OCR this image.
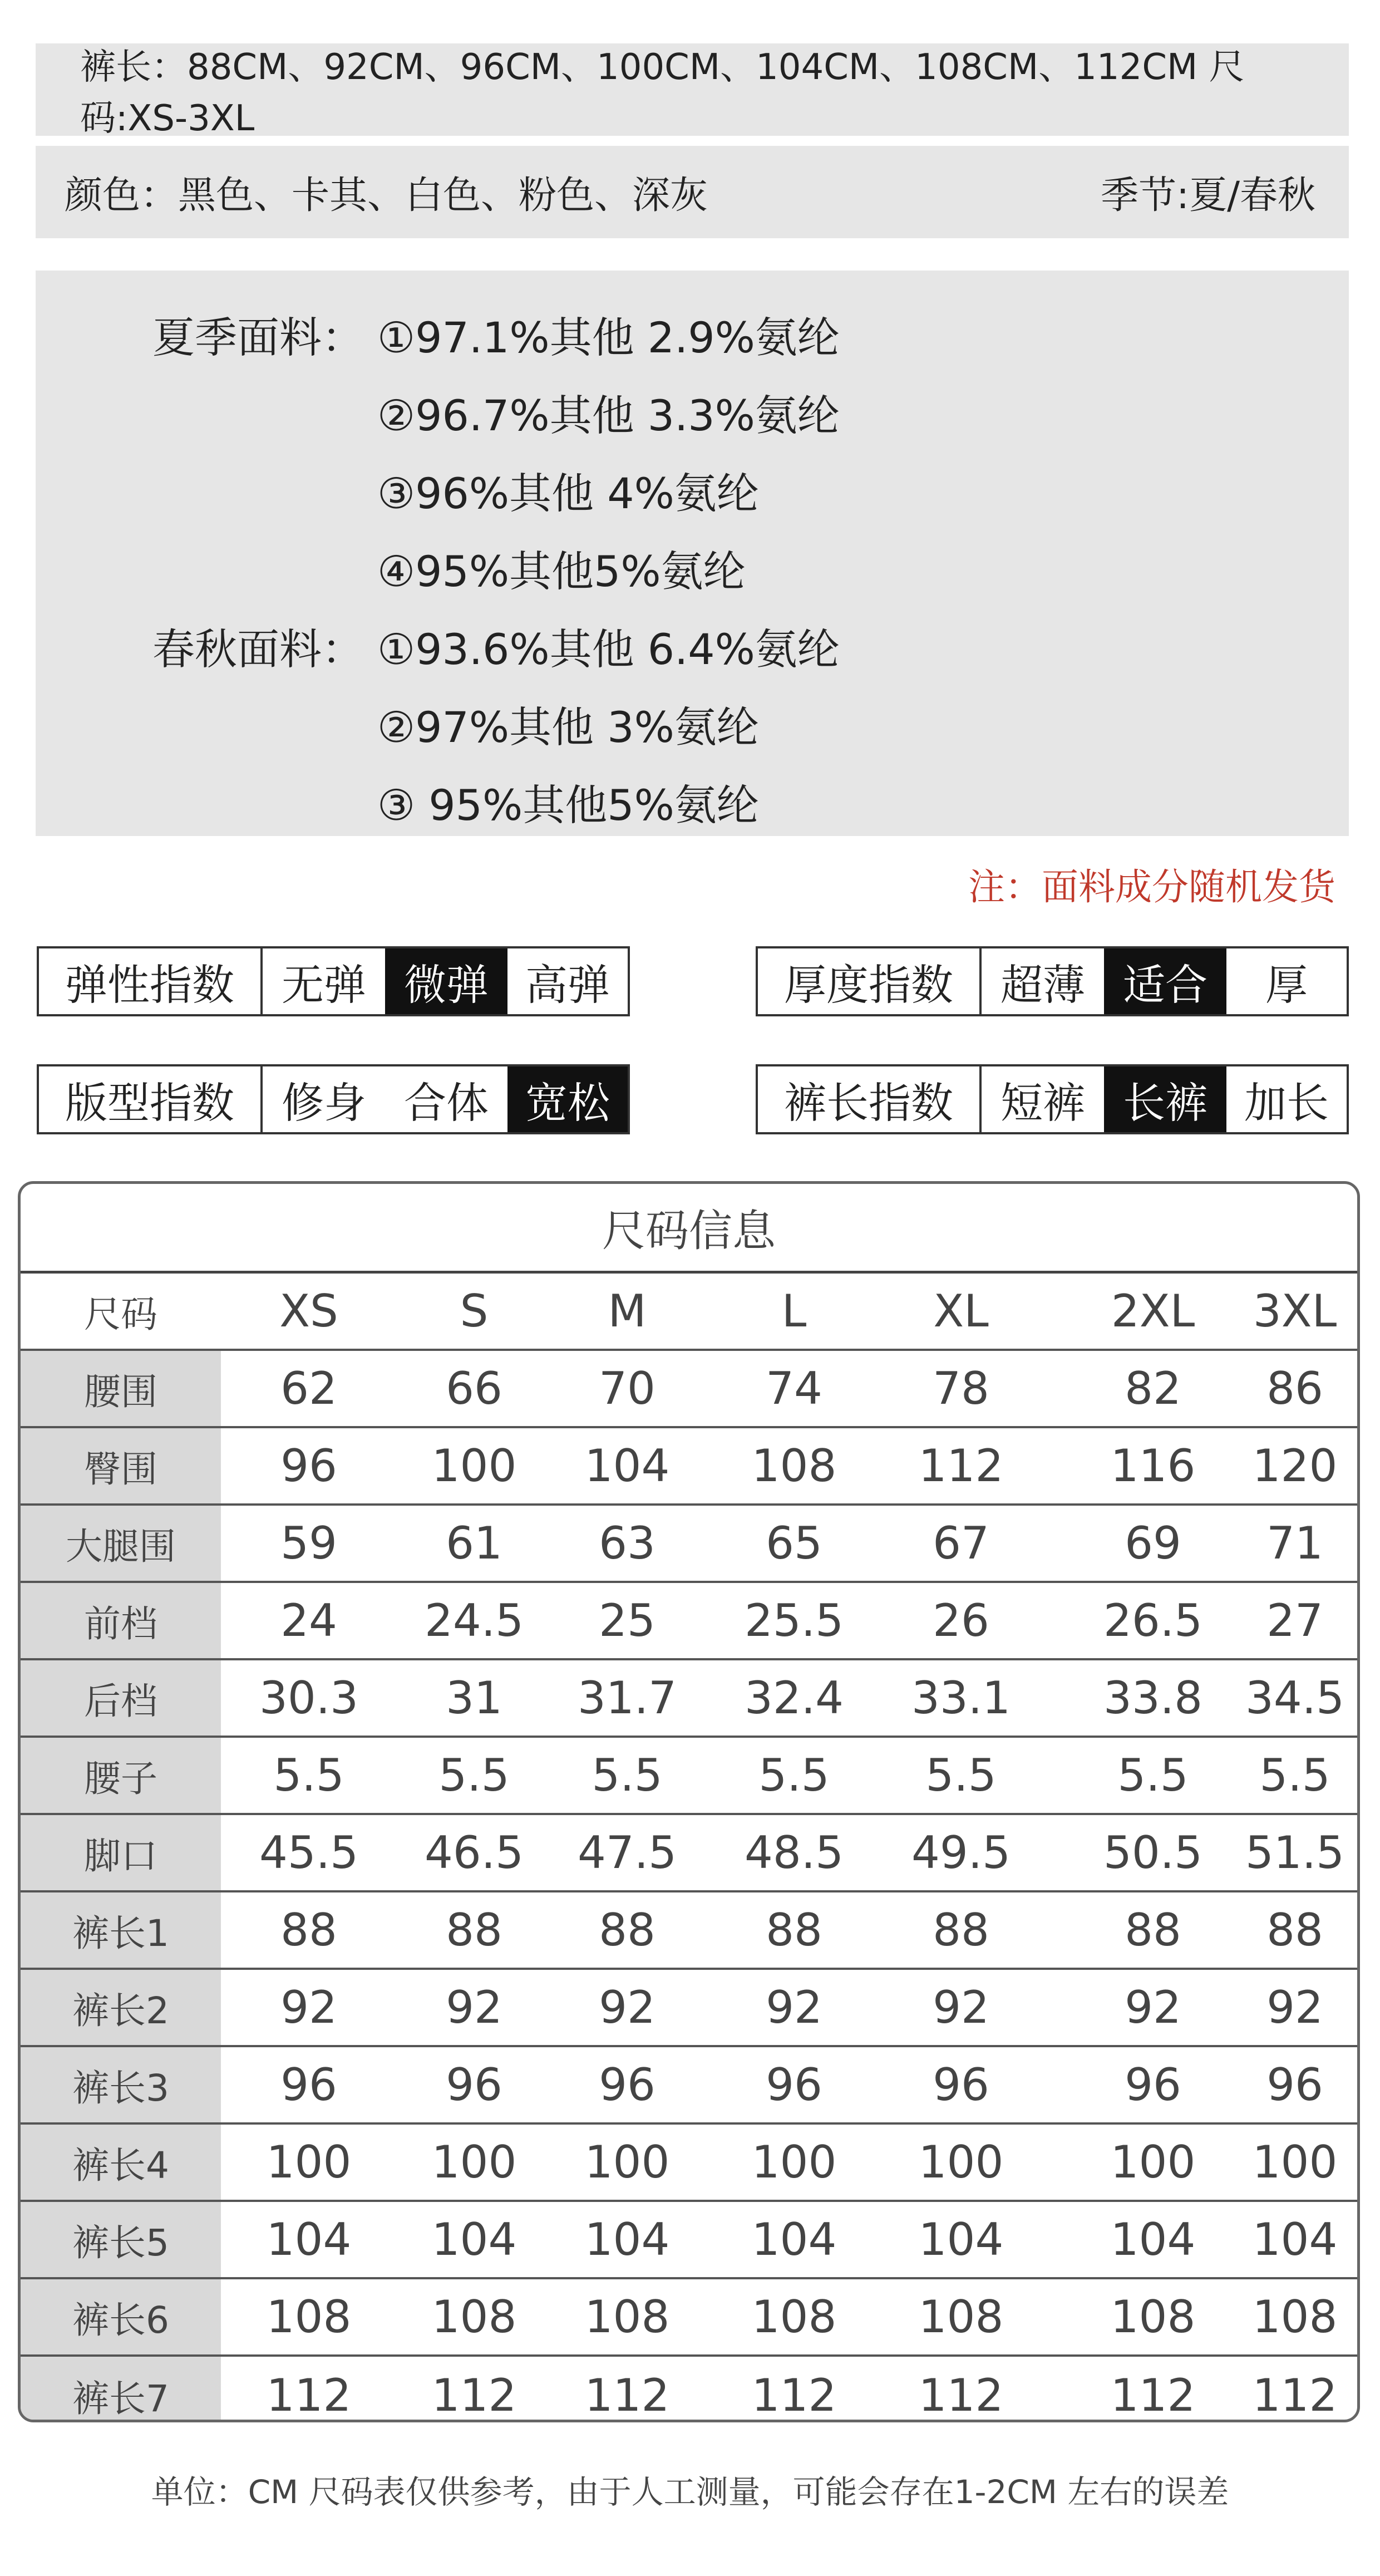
裤长：88CM、92CM、96CM、100CM、104CM、108CM、112CM 尺码:XS-3XL
颜色：黑色、卡其、白色、粉色、深灰	季节:夏/春秋
夏季面料： ①97.1%其他 2.9%氨纶
②96.7%其他 3.3%氨纶
③96%其他 4%氨纶
④95%其他5%氨纶
春秋面料： ①93.6%其他 6.4%氨纶
②97%其他 3%氨纶
③ 95%其他5%氨纶
注：面料成分随机发货
弹性指数	无弹 微弹 高弹	厚度指数	超薄 适合	厚
版型指数	修身 合体 宽松	裤长指数	短裤 长裤 加长
尺码信息
尺码	XS	S	M	L	XL	2XL	3XL
腰围	62	66	70	74	78	82	86
臀围	96	100	104	108	112	116	120
大腿围	59	61	63	65	67	69	71
前档	24	24.5	25	25.5	26	26.5	27
后档	30.3	31	31.7	32.4	33.1	33.8 34.5
腰子	5.5	5.5	5.5	5.5	5.5	5.5	5.5
脚口	45.5	46.5	47.5	48.5	49.5	50.5 51.5
裤长1	88	88	88	88	88	88	88
裤长2	92	92	92	92	92	92	92
裤长3	96	96	96	96	96	96	96
裤长4	100	100	100	100	100	100	100
裤长5	104	104	104	104	104	104	104
裤长6	108	108	108	108	108	108	108
裤长7	112	112	112	112	112	112	112
单位：CM 尺码表仅供参考，由于人工测量，可能会存在1-2CM 左右的误差
